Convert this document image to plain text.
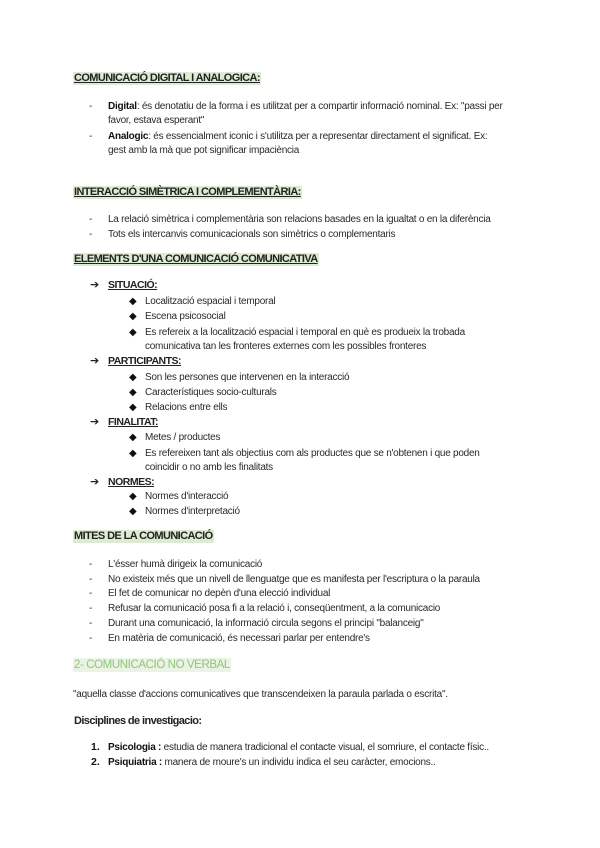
COMUNICACIÓ DIGITAL I ANALOGICA:
- Digital: és denotatiu de la forma i es utilitzat per a compartir informació nominal. Ex: "passi per
favor, estava esperant"
- Analogic: és essencialment iconic i s'utilitza per a representar directament el significat. Ex:
gest amb la mà que pot significar impaciència
INTERACCIÓ SIMÈTRICA I COMPLEMENTÀRIA:
- La relació simètrica i complementària son relacions basades en la igualtat o en la diferència
- Tots els intercanvis comunicacionals son simètrics o complementaris
ELEMENTS D'UNA COMUNICACIÓ COMUNICATIVA
➔ SITUACIÓ:
◆ Localització espacial i temporal
◆ Escena psicosocial
◆ Es refereix a la localització espacial i temporal en què es produeix la trobada
comunicativa tan les fronteres externes com les possibles fronteres
➔ PARTICIPANTS:
◆ Son les persones que intervenen en la interacció
◆ Característiques socio-culturals
◆ Relacions entre ells
➔ FINALITAT:
◆ Metes / productes
◆ Es refereixen tant als objectius com als productes que se n'obtenen i que poden
coincidir o no amb les finalitats
➔ NORMES:
◆ Normes d'interacció
◆ Normes d'interpretació
MITES DE LA COMUNICACIÓ
- L'ésser humà dirigeix la comunicació
- No existeix més que un nivell de llenguatge que es manifesta per l'escriptura o la paraula
- El fet de comunicar no depèn d'una elecció individual
- Refusar la comunicació posa fi a la relació i, conseqüentment, a la comunicacio
- Durant una comunicació, la informació circula segons el principi "balanceig"
- En matèria de comunicació, és necessari parlar per entendre's
2- COMUNICACIÓ NO VERBAL
"aquella classe d'accions comunicatives que transcendeixen la paraula parlada o escrita".
Disciplines de investigacio:
1. Psicologia : estudia de manera tradicional el contacte visual, el somriure, el contacte físic..
2. Psiquiatria : manera de moure's un individu indica el seu caràcter, emocions..
